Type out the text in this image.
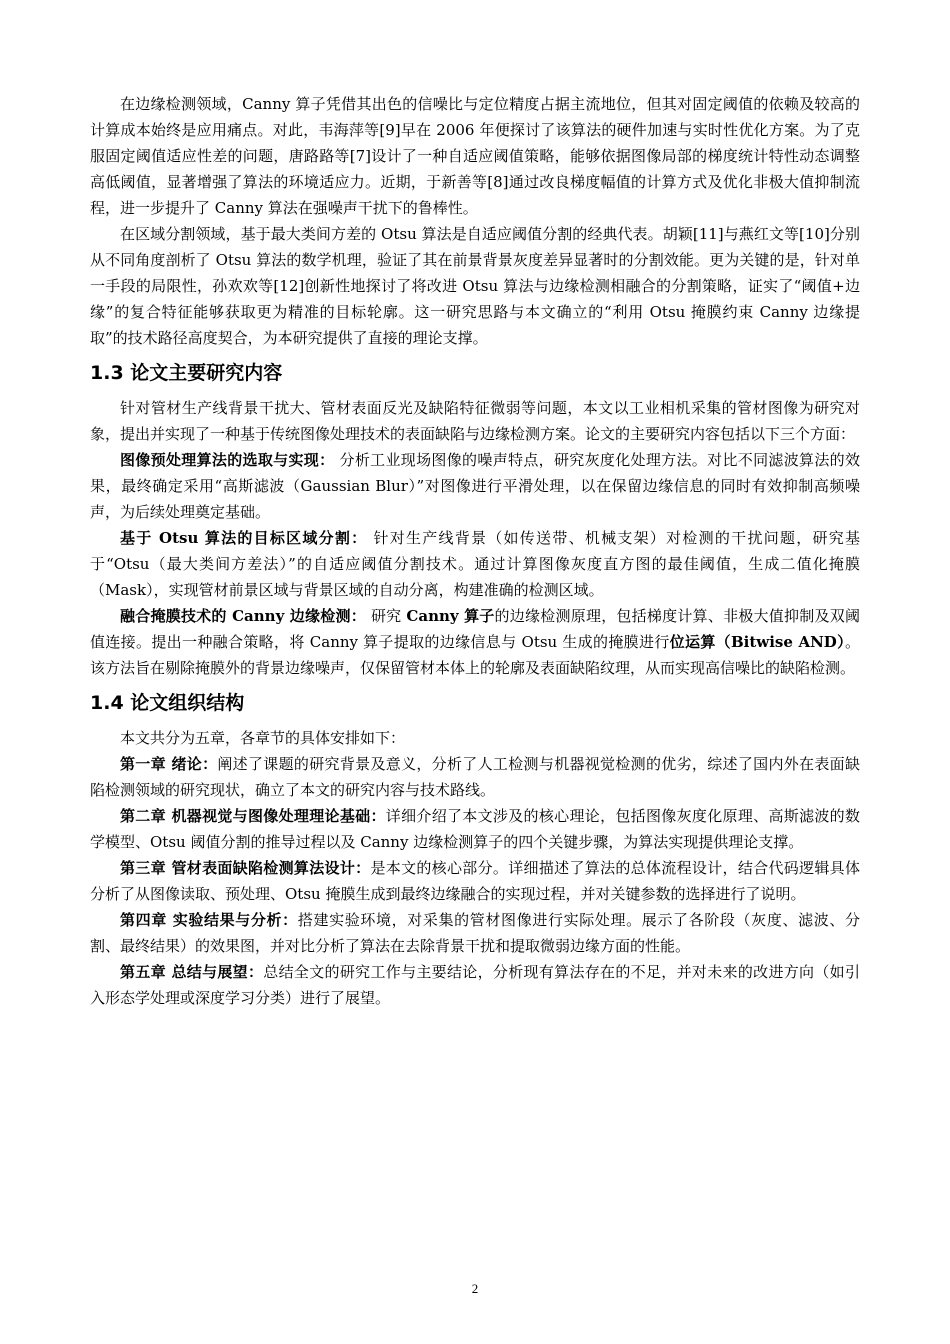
在边缘检测领域，Canny 算子凭借其出色的信噪比与定位精度占据主流地位，但其对固定阈值的依赖及较高的计算成本始终是应用痛点。对此，韦海萍等[9]早在 2006 年便探讨了该算法的硬件加速与实时性优化方案。为了克服固定阈值适应性差的问题，唐路路等[7]设计了一种自适应阈值策略，能够依据图像局部的梯度统计特性动态调整高低阈值，显著增强了算法的环境适应力。近期，于新善等[8]通过改良梯度幅值的计算方式及优化非极大值抑制流程，进一步提升了 Canny 算法在强噪声干扰下的鲁棒性。

在区域分割领域，基于最大类间方差的 Otsu 算法是自适应阈值分割的经典代表。胡颖[11]与燕红文等[10]分别从不同角度剖析了 Otsu 算法的数学机理，验证了其在前景背景灰度差异显著时的分割效能。更为关键的是，针对单一手段的局限性，孙欢欢等[12]创新性地探讨了将改进 Otsu 算法与边缘检测相融合的分割策略，证实了“阈值+边缘”的复合特征能够获取更为精准的目标轮廓。这一研究思路与本文确立的“利用 Otsu 掩膜约束 Canny 边缘提取”的技术路径高度契合，为本研究提供了直接的理论支撑。

1.3 论文主要研究内容

针对管材生产线背景干扰大、管材表面反光及缺陷特征微弱等问题，本文以工业相机采集的管材图像为研究对象，提出并实现了一种基于传统图像处理技术的表面缺陷与边缘检测方案。论文的主要研究内容包括以下三个方面：

图像预处理算法的选取与实现： 分析工业现场图像的噪声特点，研究灰度化处理方法。对比不同滤波算法的效果，最终确定采用“高斯滤波（Gaussian Blur）”对图像进行平滑处理，以在保留边缘信息的同时有效抑制高频噪声，为后续处理奠定基础。

基于 Otsu 算法的目标区域分割： 针对生产线背景（如传送带、机械支架）对检测的干扰问题，研究基于“Otsu（最大类间方差法）”的自适应阈值分割技术。通过计算图像灰度直方图的最佳阈值，生成二值化掩膜（Mask），实现管材前景区域与背景区域的自动分离，构建准确的检测区域。

融合掩膜技术的 Canny 边缘检测： 研究 Canny 算子的边缘检测原理，包括梯度计算、非极大值抑制及双阈值连接。提出一种融合策略，将 Canny 算子提取的边缘信息与 Otsu 生成的掩膜进行位运算（Bitwise AND）。该方法旨在剔除掩膜外的背景边缘噪声，仅保留管材本体上的轮廓及表面缺陷纹理，从而实现高信噪比的缺陷检测。

1.4 论文组织结构

本文共分为五章，各章节的具体安排如下：

第一章 绪论：阐述了课题的研究背景及意义，分析了人工检测与机器视觉检测的优劣，综述了国内外在表面缺陷检测领域的研究现状，确立了本文的研究内容与技术路线。

第二章 机器视觉与图像处理理论基础：详细介绍了本文涉及的核心理论，包括图像灰度化原理、高斯滤波的数学模型、Otsu 阈值分割的推导过程以及 Canny 边缘检测算子的四个关键步骤，为算法实现提供理论支撑。

第三章 管材表面缺陷检测算法设计：是本文的核心部分。详细描述了算法的总体流程设计，结合代码逻辑具体分析了从图像读取、预处理、Otsu 掩膜生成到最终边缘融合的实现过程，并对关键参数的选择进行了说明。

第四章 实验结果与分析：搭建实验环境，对采集的管材图像进行实际处理。展示了各阶段（灰度、滤波、分割、最终结果）的效果图，并对比分析了算法在去除背景干扰和提取微弱边缘方面的性能。

第五章 总结与展望：总结全文的研究工作与主要结论，分析现有算法存在的不足，并对未来的改进方向（如引入形态学处理或深度学习分类）进行了展望。

2
